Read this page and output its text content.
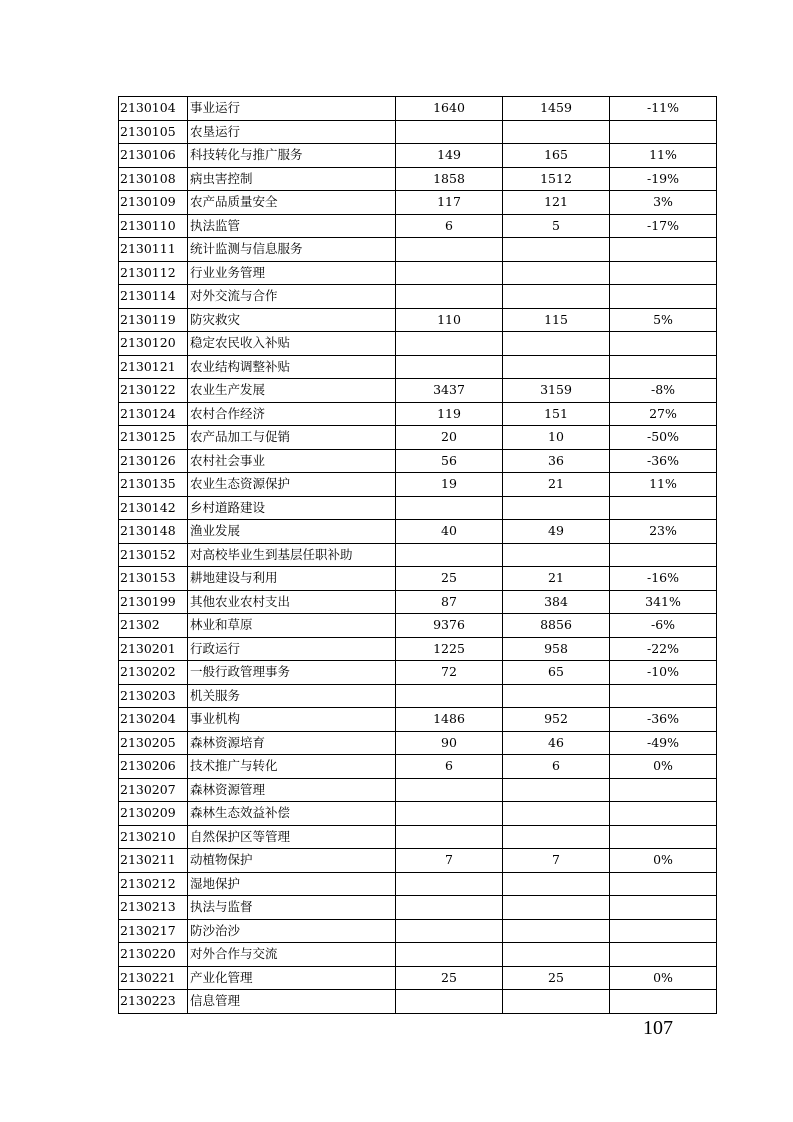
2130104	事业运行	1640	1459	-11%
2130105	农垦运行			
2130106	科技转化与推广服务	149	165	11%
2130108	病虫害控制	1858	1512	-19%
2130109	农产品质量安全	117	121	3%
2130110	执法监管	6	5	-17%
2130111	统计监测与信息服务			
2130112	行业业务管理			
2130114	对外交流与合作			
2130119	防灾救灾	110	115	5%
2130120	稳定农民收入补贴			
2130121	农业结构调整补贴			
2130122	农业生产发展	3437	3159	-8%
2130124	农村合作经济	119	151	27%
2130125	农产品加工与促销	20	10	-50%
2130126	农村社会事业	56	36	-36%
2130135	农业生态资源保护	19	21	11%
2130142	乡村道路建设			
2130148	渔业发展	40	49	23%
2130152	对高校毕业生到基层任职补助			
2130153	耕地建设与利用	25	21	-16%
2130199	其他农业农村支出	87	384	341%
21302	林业和草原	9376	8856	-6%
2130201	行政运行	1225	958	-22%
2130202	一般行政管理事务	72	65	-10%
2130203	机关服务			
2130204	事业机构	1486	952	-36%
2130205	森林资源培育	90	46	-49%
2130206	技术推广与转化	6	6	0%
2130207	森林资源管理			
2130209	森林生态效益补偿			
2130210	自然保护区等管理			
2130211	动植物保护	7	7	0%
2130212	湿地保护			
2130213	执法与监督			
2130217	防沙治沙			
2130220	对外合作与交流			
2130221	产业化管理	25	25	0%
2130223	信息管理			
107
